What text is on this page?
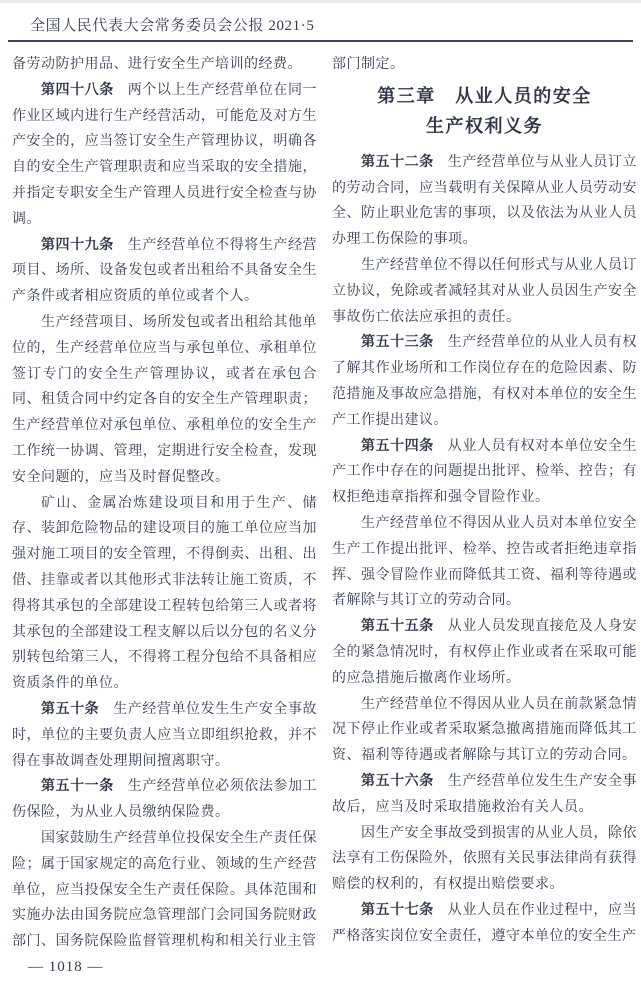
全国人民代表大会常务委员会公报 2021·5

备劳动防护用品、进行安全生产培训的经费。

第四十八条 两个以上生产经营单位在同一作业区域内进行生产经营活动，可能危及对方生产安全的，应当签订安全生产管理协议，明确各自的安全生产管理职责和应当采取的安全措施，并指定专职安全生产管理人员进行安全检查与协调。

第四十九条 生产经营单位不得将生产经营项目、场所、设备发包或者出租给不具备安全生产条件或者相应资质的单位或者个人。

生产经营项目、场所发包或者出租给其他单位的，生产经营单位应当与承包单位、承租单位签订专门的安全生产管理协议，或者在承包合同、租赁合同中约定各自的安全生产管理职责；生产经营单位对承包单位、承租单位的安全生产工作统一协调、管理，定期进行安全检查，发现安全问题的，应当及时督促整改。

矿山、金属冶炼建设项目和用于生产、储存、装卸危险物品的建设项目的施工单位应当加强对施工项目的安全管理，不得倒卖、出租、出借、挂靠或者以其他形式非法转让施工资质，不得将其承包的全部建设工程转包给第三人或者将其承包的全部建设工程支解以后以分包的名义分别转包给第三人，不得将工程分包给不具备相应资质条件的单位。

第五十条 生产经营单位发生生产安全事故时，单位的主要负责人应当立即组织抢救，并不得在事故调查处理期间擅离职守。

第五十一条 生产经营单位必须依法参加工伤保险，为从业人员缴纳保险费。

国家鼓励生产经营单位投保安全生产责任保险；属于国家规定的高危行业、领域的生产经营单位，应当投保安全生产责任保险。具体范围和实施办法由国务院应急管理部门会同国务院财政部门、国务院保险监督管理机构和相关行业主管

部门制定。

第三章　从业人员的安全
生产权利义务

第五十二条 生产经营单位与从业人员订立的劳动合同，应当载明有关保障从业人员劳动安全、防止职业危害的事项，以及依法为从业人员办理工伤保险的事项。

生产经营单位不得以任何形式与从业人员订立协议，免除或者减轻其对从业人员因生产安全事故伤亡依法应承担的责任。

第五十三条 生产经营单位的从业人员有权了解其作业场所和工作岗位存在的危险因素、防范措施及事故应急措施，有权对本单位的安全生产工作提出建议。

第五十四条 从业人员有权对本单位安全生产工作中存在的问题提出批评、检举、控告；有权拒绝违章指挥和强令冒险作业。

生产经营单位不得因从业人员对本单位安全生产工作提出批评、检举、控告或者拒绝违章指挥、强令冒险作业而降低其工资、福利等待遇或者解除与其订立的劳动合同。

第五十五条 从业人员发现直接危及人身安全的紧急情况时，有权停止作业或者在采取可能的应急措施后撤离作业场所。

生产经营单位不得因从业人员在前款紧急情况下停止作业或者采取紧急撤离措施而降低其工资、福利等待遇或者解除与其订立的劳动合同。

第五十六条 生产经营单位发生生产安全事故后，应当及时采取措施救治有关人员。

因生产安全事故受到损害的从业人员，除依法享有工伤保险外，依照有关民事法律尚有获得赔偿的权利的，有权提出赔偿要求。

第五十七条 从业人员在作业过程中，应当严格落实岗位安全责任，遵守本单位的安全生产

— 1018 —
